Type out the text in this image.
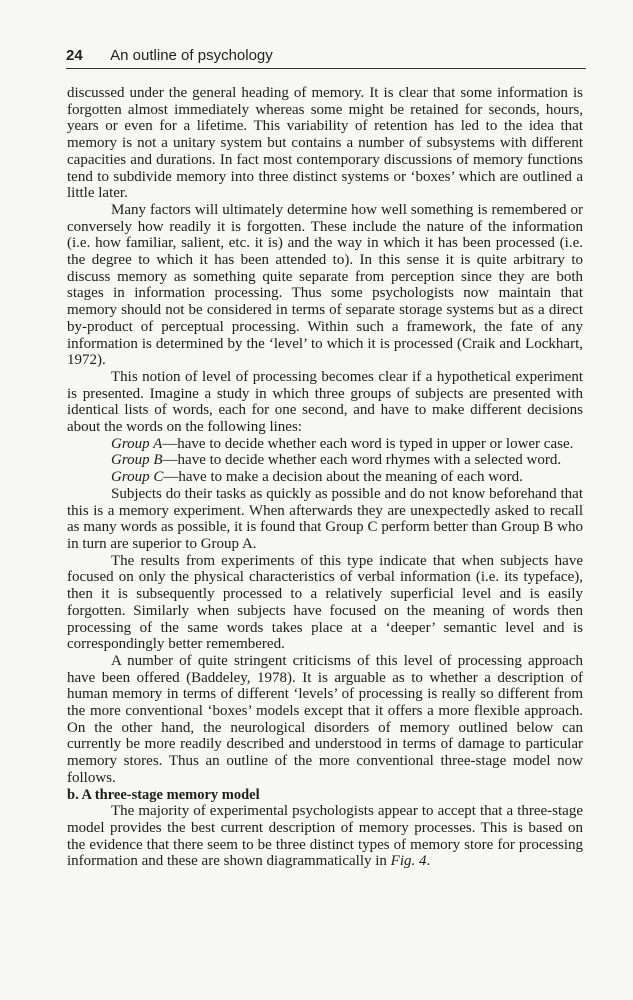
24 An outline of psychology

discussed under the general heading of memory. It is clear that some information is forgotten almost immediately whereas some might be retained for seconds, hours, years or even for a lifetime. This variability of retention has led to the idea that memory is not a unitary system but contains a number of subsystems with different capacities and durations. In fact most contemporary discussions of memory functions tend to subdivide memory into three distinct systems or ‘boxes’ which are outlined a little later.

Many factors will ultimately determine how well something is remembered or conversely how readily it is forgotten. These include the nature of the information (i.e. how familiar, salient, etc. it is) and the way in which it has been processed (i.e. the degree to which it has been attended to). In this sense it is quite arbitrary to discuss memory as something quite separate from perception since they are both stages in information processing. Thus some psychologists now maintain that memory should not be considered in terms of separate storage systems but as a direct by-product of perceptual processing. Within such a framework, the fate of any information is determined by the ‘level’ to which it is processed (Craik and Lockhart, 1972).

This notion of level of processing becomes clear if a hypothetical experiment is presented. Imagine a study in which three groups of subjects are presented with identical lists of words, each for one second, and have to make different decisions about the words on the following lines:

Group A—have to decide whether each word is typed in upper or lower case.

Group B—have to decide whether each word rhymes with a selected word.

Group C—have to make a decision about the meaning of each word.

Subjects do their tasks as quickly as possible and do not know beforehand that this is a memory experiment. When afterwards they are unexpectedly asked to recall as many words as possible, it is found that Group C perform better than Group B who in turn are superior to Group A.

The results from experiments of this type indicate that when subjects have focused on only the physical characteristics of verbal information (i.e. its typeface), then it is subsequently processed to a relatively superficial level and is easily forgotten. Similarly when subjects have focused on the meaning of words then processing of the same words takes place at a ‘deeper’ semantic level and is correspondingly better remembered.

A number of quite stringent criticisms of this level of processing approach have been offered (Baddeley, 1978). It is arguable as to whether a description of human memory in terms of different ‘levels’ of processing is really so different from the more conventional ‘boxes’ models except that it offers a more flexible approach. On the other hand, the neurological disorders of memory outlined below can currently be more readily described and understood in terms of damage to particular memory stores. Thus an outline of the more conventional three-stage model now follows.

b. A three-stage memory model

The majority of experimental psychologists appear to accept that a three-stage model provides the best current description of memory processes. This is based on the evidence that there seem to be three distinct types of memory store for processing information and these are shown diagrammatically in Fig. 4.
